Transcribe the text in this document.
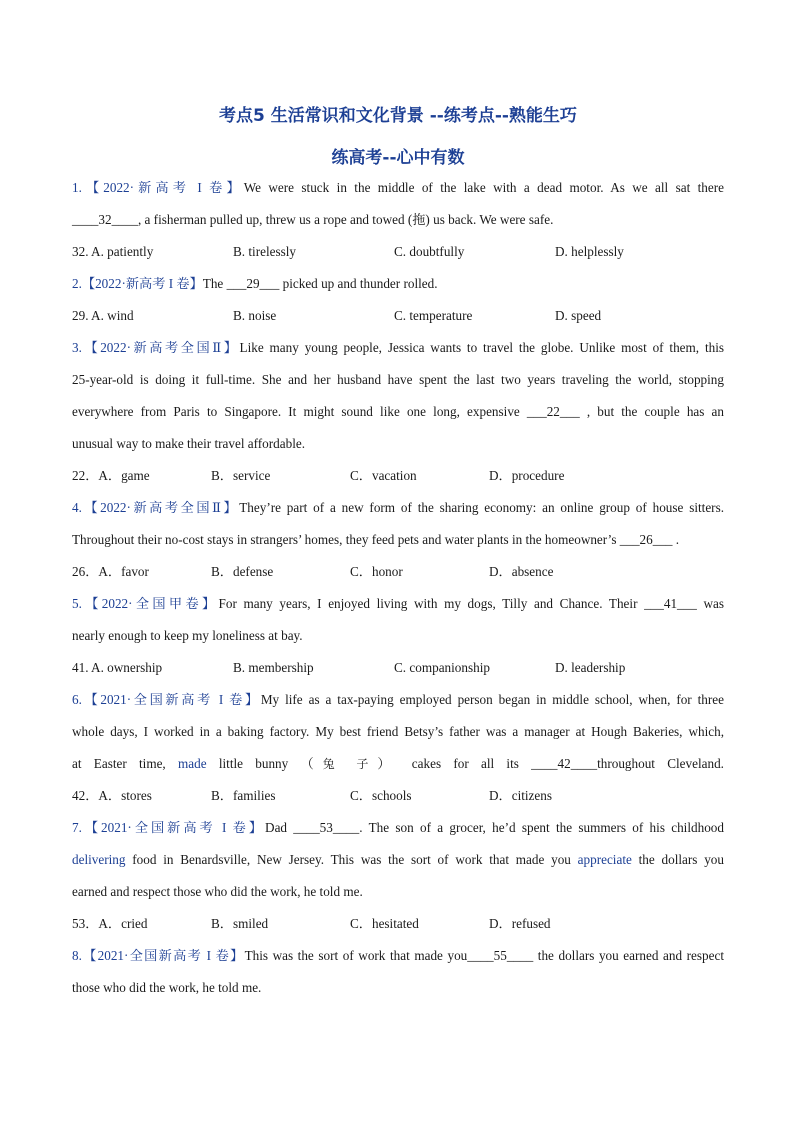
考点5 生活常识和文化背景 --练考点--熟能生巧
练高考--心中有数
1.【2022·新高考 I 卷】We were stuck in the middle of the lake with a dead motor. As we all sat there
____32____, a fisherman pulled up, threw us a rope and towed (拖) us back. We were safe.
32. A. patiently	B. tirelessly	C. doubtfully	D. helplessly
2.【2022·新高考 I 卷】The ___29___ picked up and thunder rolled.
29. A. wind	B. noise	C. temperature	D. speed
3.【2022·新高考全国Ⅱ】Like many young people, Jessica wants to travel the globe. Unlike most of them, this
25-year-old is doing it full-time. She and her husband have spent the last two years traveling the world, stopping
everywhere from Paris to Singapore. It might sound like one long, expensive ___22___ , but the couple has an
unusual way to make their travel affordable.
22．A．game	B．service	C．vacation	D．procedure
4.【2022·新高考全国Ⅱ】They’re part of a new form of the sharing economy: an online group of house sitters.
Throughout their no-cost stays in strangers’ homes, they feed pets and water plants in the homeowner’s ___26___ .
26．A．favor	B．defense	C．honor	D．absence
5.【2022·全国甲卷】For many years, I enjoyed living with my dogs, Tilly and Chance. Their ___41___ was
nearly enough to keep my loneliness at bay.
41. A. ownership	B. membership	C. companionship	D. leadership
6.【2021·全国新高考 I 卷】My life as a tax-paying employed person began in middle school, when, for three
whole days, I worked in a baking factory. My best friend Betsy’s father was a manager at Hough Bakeries, which,
at Easter time, made little bunny （兔 子） cakes for all its ____42____throughout Cleveland.
42．A．stores	B．families	C．schools	D．citizens
7.【2021·全国新高考 I 卷】Dad ____53____. The son of a grocer, he’d spent the summers of his childhood
delivering food in Benardsville, New Jersey. This was the sort of work that made you appreciate the dollars you
earned and respect those who did the work, he told me.
53．A．cried	B．smiled	C．hesitated	D．refused
8.【2021·全国新高考 I 卷】This was the sort of work that made you____55____ the dollars you earned and respect
those who did the work, he told me.
